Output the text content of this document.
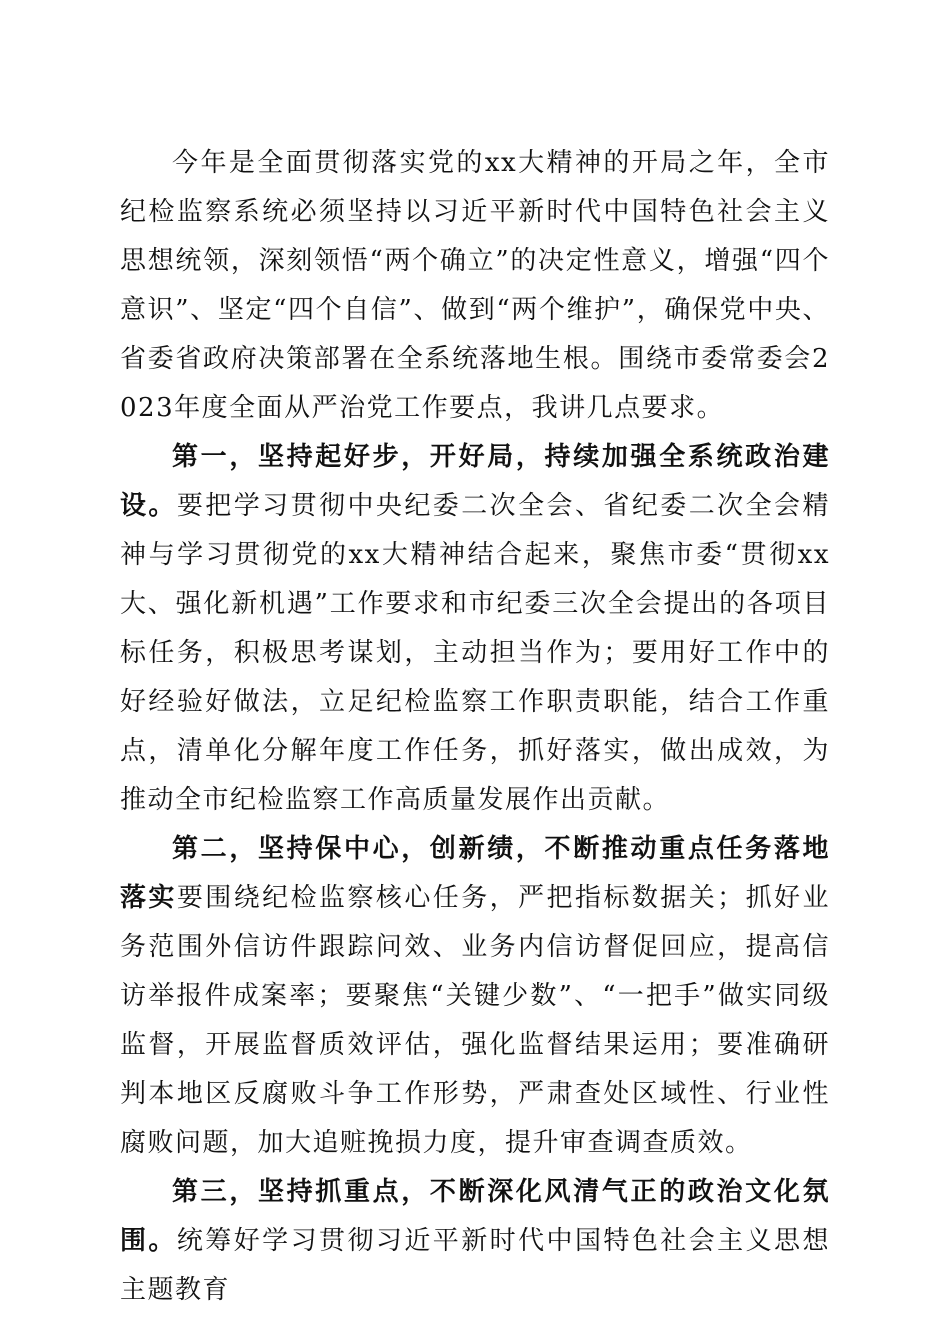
今年是全面贯彻落实党的xx大精神的开局之年，全市纪检监察系统必须坚持以习近平新时代中国特色社会主义思想统领，深刻领悟“两个确立”的决定性意义，增强“四个意识”、坚定“四个自信”、做到“两个维护”，确保党中央、省委省政府决策部署在全系统落地生根。围绕市委常委会2023年度全面从严治党工作要点，我讲几点要求。

第一，坚持起好步，开好局，持续加强全系统政治建设。要把学习贯彻中央纪委二次全会、省纪委二次全会精神与学习贯彻党的xx大精神结合起来，聚焦市委“贯彻xx大、强化新机遇”工作要求和市纪委三次全会提出的各项目标任务，积极思考谋划，主动担当作为；要用好工作中的好经验好做法，立足纪检监察工作职责职能，结合工作重点，清单化分解年度工作任务，抓好落实，做出成效，为推动全市纪检监察工作高质量发展作出贡献。

第二，坚持保中心，创新绩，不断推动重点任务落地落实要围绕纪检监察核心任务，严把指标数据关；抓好业务范围外信访件跟踪问效、业务内信访督促回应，提高信访举报件成案率；要聚焦“关键少数”、“一把手”做实同级监督，开展监督质效评估，强化监督结果运用；要准确研判本地区反腐败斗争工作形势，严肃查处区域性、行业性腐败问题，加大追赃挽损力度，提升审查调查质效。

第三，坚持抓重点，不断深化风清气正的政治文化氛围。统筹好学习贯彻习近平新时代中国特色社会主义思想主题教育
